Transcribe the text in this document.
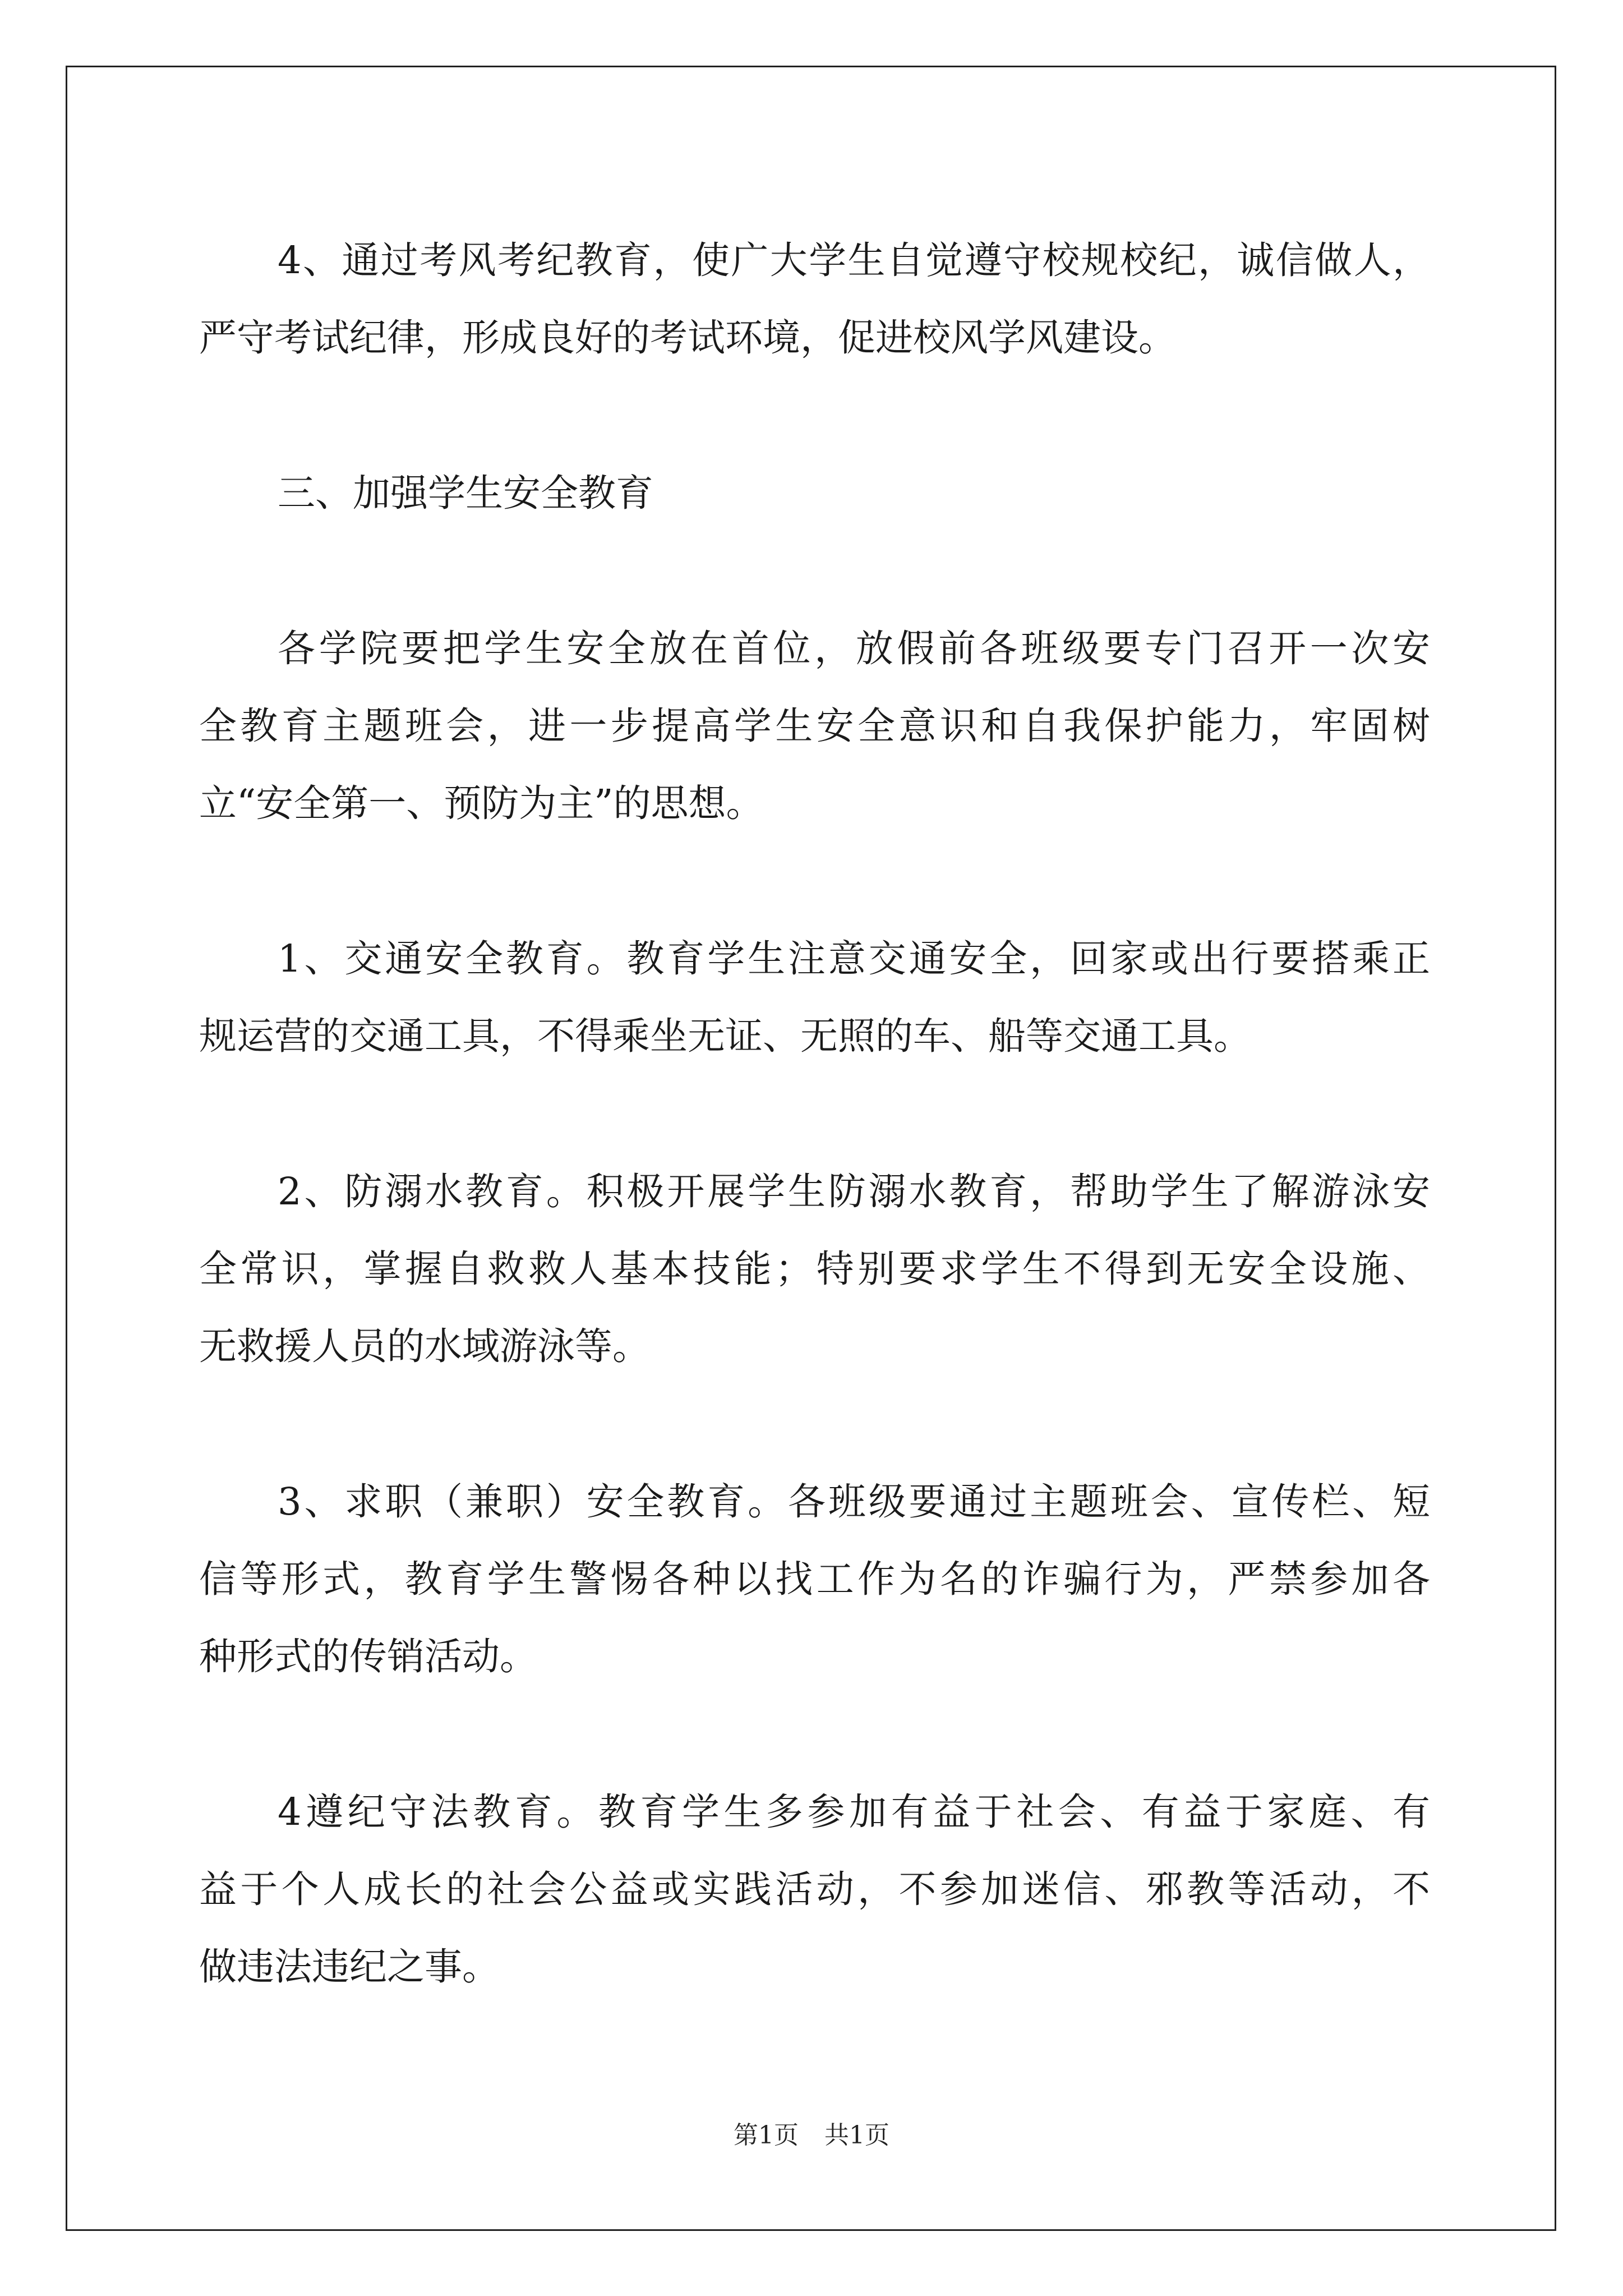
4、通过考风考纪教育，使广大学生自觉遵守校规校纪，诚信做人，
严守考试纪律，形成良好的考试环境，促进校风学风建设。
三、加强学生安全教育
各学院要把学生安全放在首位，放假前各班级要专门召开一次安
全教育主题班会，进一步提高学生安全意识和自我保护能力，牢固树
立“安全第一、预防为主”的思想。
1、交通安全教育。教育学生注意交通安全，回家或出行要搭乘正
规运营的交通工具，不得乘坐无证、无照的车、船等交通工具。
2、防溺水教育。积极开展学生防溺水教育，帮助学生了解游泳安
全常识，掌握自救救人基本技能；特别要求学生不得到无安全设施、
无救援人员的水域游泳等。
3、求职（兼职）安全教育。各班级要通过主题班会、宣传栏、短
信等形式，教育学生警惕各种以找工作为名的诈骗行为，严禁参加各
种形式的传销活动。
4遵纪守法教育。教育学生多参加有益于社会、有益于家庭、有
益于个人成长的社会公益或实践活动，不参加迷信、邪教等活动，不
做违法违纪之事。
第1页 共1页
